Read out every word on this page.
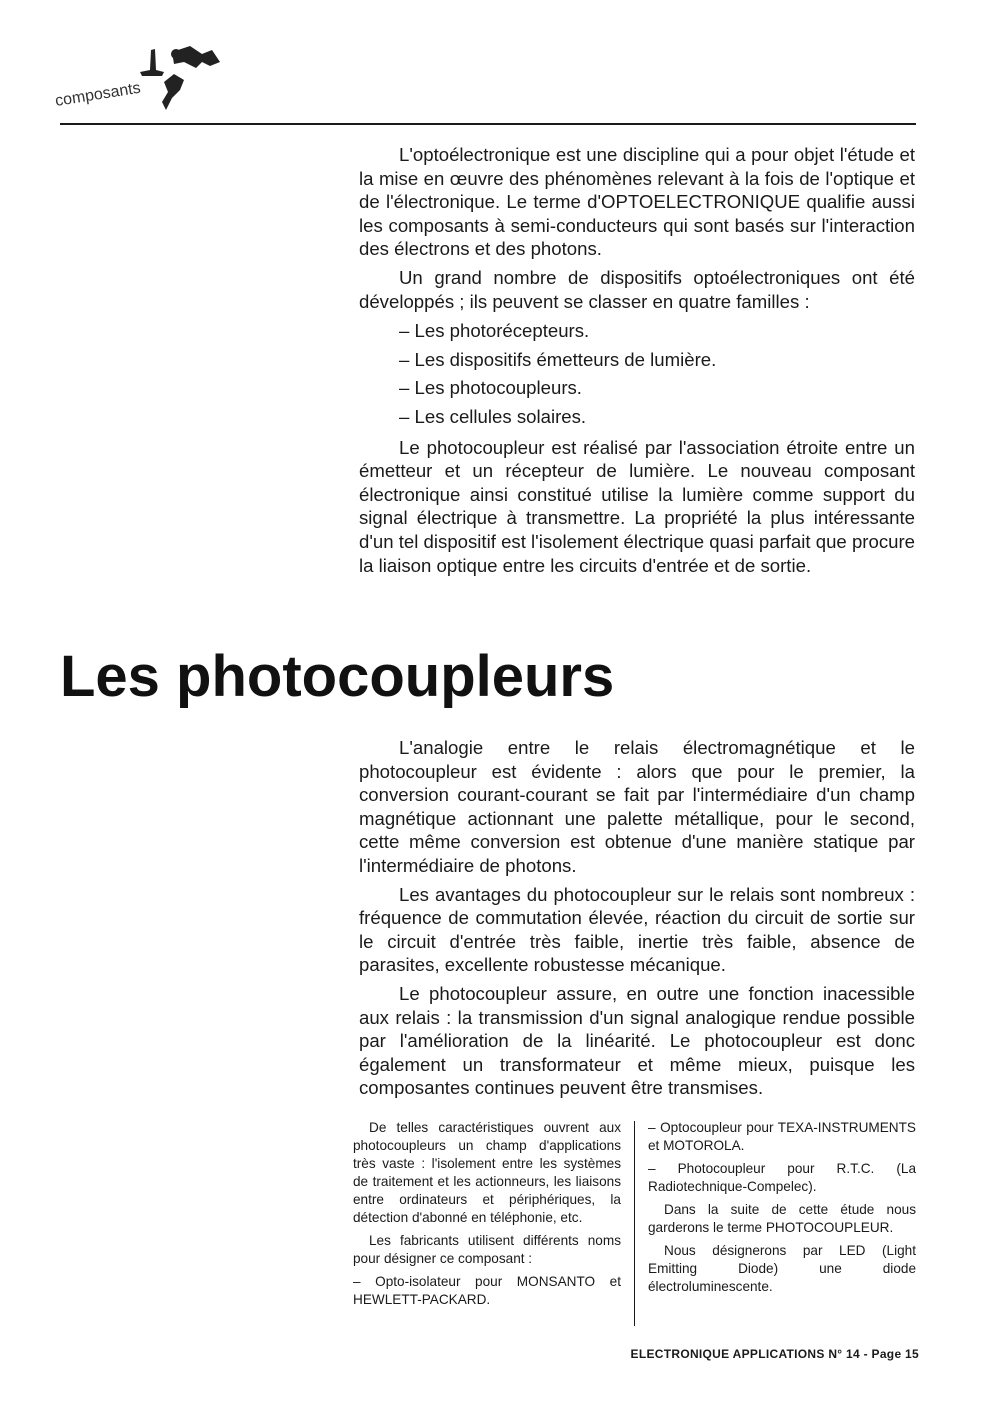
composants

L'optoélectronique est une discipline qui a pour objet l'étude et la mise en œuvre des phénomènes relevant à la fois de l'optique et de l'électronique. Le terme d'OPTOELECTRONIQUE qualifie aussi les composants à semi-conducteurs qui sont basés sur l'interaction des électrons et des photons.

Un grand nombre de dispositifs optoélectroniques ont été développés ; ils peuvent se classer en quatre familles :

– Les photorécepteurs.
– Les dispositifs émetteurs de lumière.
– Les photocoupleurs.
– Les cellules solaires.

Le photocoupleur est réalisé par l'association étroite entre un émetteur et un récepteur de lumière. Le nouveau composant électronique ainsi constitué utilise la lumière comme support du signal électrique à transmettre. La propriété la plus intéressante d'un tel dispositif est l'isolement électrique quasi parfait que procure la liaison optique entre les circuits d'entrée et de sortie.

Les photocoupleurs

L'analogie entre le relais électromagnétique et le photocoupleur est évidente : alors que pour le premier, la conversion courant-courant se fait par l'intermédiaire d'un champ magnétique actionnant une palette métallique, pour le second, cette même conversion est obtenue d'une manière statique par l'intermédiaire de photons.

Les avantages du photocoupleur sur le relais sont nombreux : fréquence de commutation élevée, réaction du circuit de sortie sur le circuit d'entrée très faible, inertie très faible, absence de parasites, excellente robustesse mécanique.

Le photocoupleur assure, en outre une fonction inacessible aux relais : la transmission d'un signal analogique rendue possible par l'amélioration de la linéarité. Le photocoupleur est donc également un transformateur et même mieux, puisque les composantes continues peuvent être transmises.

De telles caractéristiques ouvrent aux photocoupleurs un champ d'applications très vaste : l'isolement entre les systèmes de traitement et les actionneurs, les liaisons entre ordinateurs et périphériques, la détection d'abonné en téléphonie, etc.

Les fabricants utilisent différents noms pour désigner ce composant :

– Opto-isolateur pour MONSANTO et HEWLETT-PACKARD.

– Optocoupleur pour TEXA-INSTRUMENTS et MOTOROLA.

– Photocoupleur pour R.T.C. (La Radiotechnique-Compelec).

Dans la suite de cette étude nous garderons le terme PHOTOCOUPLEUR.

Nous désignerons par LED (Light Emitting Diode) une diode électroluminescente.

ELECTRONIQUE APPLICATIONS N° 14 - Page 15
